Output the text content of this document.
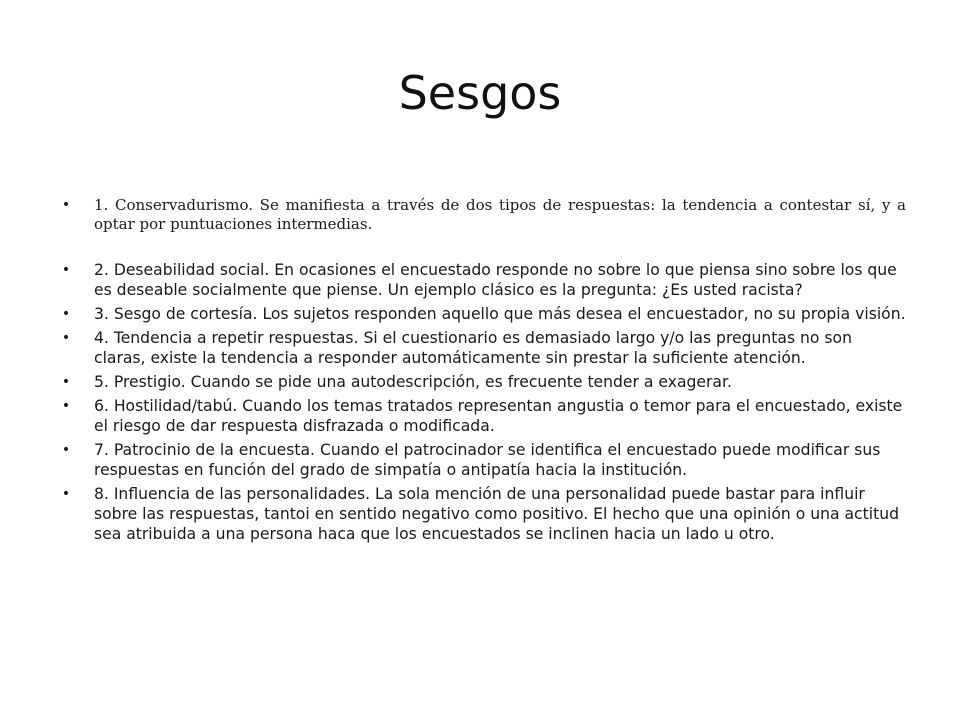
Sesgos
• 1. Conservadurismo. Se manifiesta a través de dos tipos de respuestas: la tendencia a contestar sí, y a optar por puntuaciones intermedias.
• 2. Deseabilidad social. En ocasiones el encuestado responde no sobre lo que piensa sino sobre los que es deseable socialmente que piense. Un ejemplo clásico es la pregunta: ¿Es usted racista?
• 3. Sesgo de cortesía. Los sujetos responden aquello que más desea el encuestador, no su propia visión.
• 4. Tendencia a repetir respuestas. Si el cuestionario es demasiado largo y/o las preguntas no son claras, existe la tendencia a responder automáticamente sin prestar la suficiente atención.
• 5. Prestigio. Cuando se pide una autodescripción, es frecuente tender a exagerar.
• 6. Hostilidad/tabú. Cuando los temas tratados representan angustia o temor para el encuestado, existe el riesgo de dar respuesta disfrazada o modificada.
• 7. Patrocinio de la encuesta. Cuando el patrocinador se identifica el encuestado puede modificar sus respuestas en función del grado de simpatía o antipatía hacia la institución.
• 8. Influencia de las personalidades. La sola mención de una personalidad puede bastar para influir sobre las respuestas, tantoi en sentido negativo como positivo. El hecho que una opinión o una actitud sea atribuida a una persona haca que los encuestados se inclinen hacia un lado u otro.
